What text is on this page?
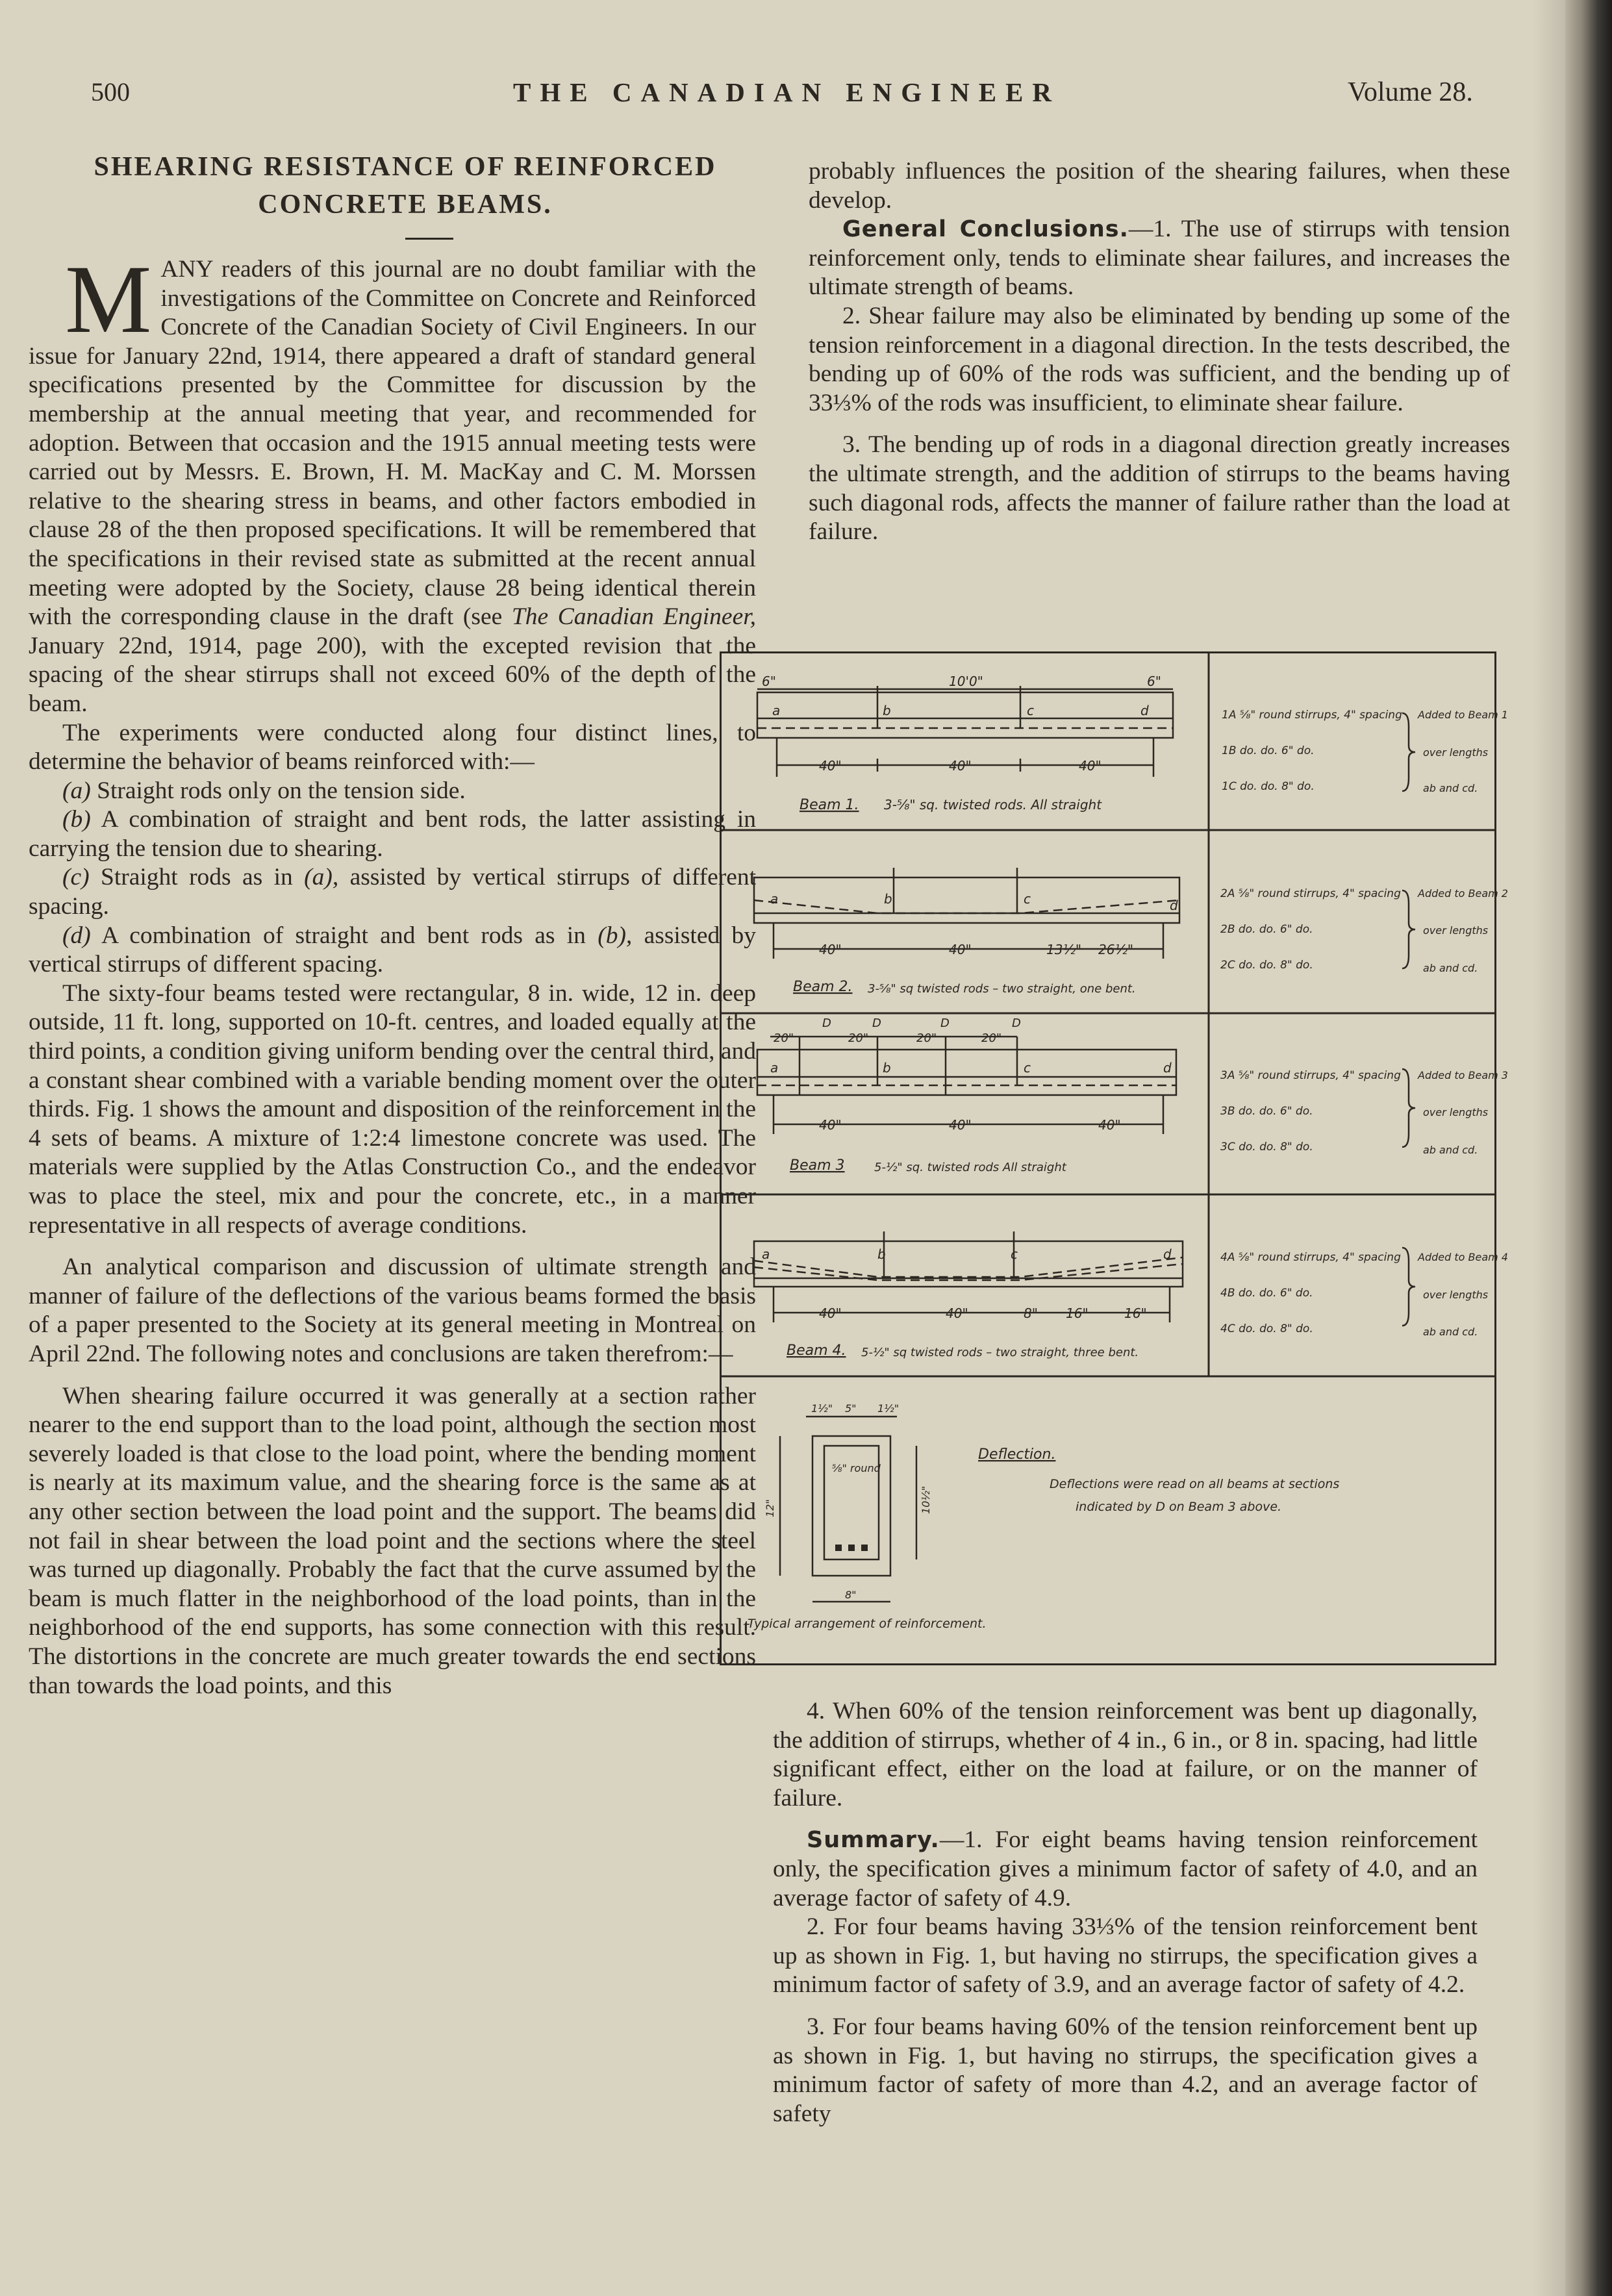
500	THE CANADIAN ENGINEER	Volume 28.
SHEARING RESISTANCE OF REINFORCED
CONCRETE BEAMS.

MANY readers of this journal are no doubt familiar with the investigations of the Committee on Concrete and Reinforced Concrete of the Canadian Society of Civil Engineers. In our issue for January 22nd, 1914, there appeared a draft of standard general specifications presented by the Committee for discussion by the membership at the annual meeting that year, and recommended for adoption. Between that occasion and the 1915 annual meeting tests were carried out by Messrs. E. Brown, H. M. MacKay and C. M. Morssen relative to the shearing stress in beams, and other factors embodied in clause 28 of the then proposed specifications. It will be remembered that the specifications in their revised state as submitted at the recent annual meeting were adopted by the Society, clause 28 being identical therein with the corresponding clause in the draft (see The Canadian Engineer, January 22nd, 1914, page 200), with the excepted revision that the spacing of the shear stirrups shall not exceed 60% of the depth of the beam.

The experiments were conducted along four distinct lines, to determine the behavior of beams reinforced with:—

(a) Straight rods only on the tension side.

(b) A combination of straight and bent rods, the latter assisting in carrying the tension due to shearing.

(c) Straight rods as in (a), assisted by vertical stirrups of different spacing.

(d) A combination of straight and bent rods as in (b), assisted by vertical stirrups of different spacing.

The sixty-four beams tested were rectangular, 8 in. wide, 12 in. deep outside, 11 ft. long, supported on 10-ft. centres, and loaded equally at the third points, a condition giving uniform bending over the central third, and a constant shear combined with a variable bending moment over the outer thirds. Fig. 1 shows the amount and disposition of the reinforcement in the 4 sets of beams. A mixture of 1:2:4 limestone concrete was used. The materials were supplied by the Atlas Construction Co., and the endeavor was to place the steel, mix and pour the concrete, etc., in a manner representative in all respects of average conditions.

An analytical comparison and discussion of ultimate strength and manner of failure of the deflections of the various beams formed the basis of a paper presented to the Society at its general meeting in Montreal on April 22nd. The following notes and conclusions are taken therefrom:—

When shearing failure occurred it was generally at a section rather nearer to the end support than to the load point, although the section most severely loaded is that close to the load point, where the bending moment is nearly at its maximum value, and the shearing force is the same as at any other section between the load point and the support. The beams did not fail in shear between the load point and the sections where the steel was turned up diagonally. Probably the fact that the curve assumed by the beam is much flatter in the neighborhood of the load points, than in the neighborhood of the end supports, has some connection with this result. The distortions in the concrete are much greater towards the end sections than towards the load points, and this

probably influences the position of the shearing failures, when these develop.

General Conclusions.—1. The use of stirrups with tension reinforcement only, tends to eliminate shear failures, and increases the ultimate strength of beams.

2. Shear failure may also be eliminated by bending up some of the tension reinforcement in a diagonal direction. In the tests described, the bending up of 60% of the rods was sufficient, and the bending up of 33⅓% of the rods was insufficient, to eliminate shear failure.

3. The bending up of rods in a diagonal direction greatly increases the ultimate strength, and the addition of stirrups to the beams having such diagonal rods, affects the manner of failure rather than the load at failure.

6"	10'0"	6"
a	b	c	d
40"	40"	40"
Beam 1. 3-⅝" sq. twisted rods. All straight
1A ⅝" round stirrups, 4" spacing
1B do. do. 6" do.
1C do. do. 8" do.
Added to Beam 1
over lengths
ab and cd.
a	b	c	d
40"	40"	13½" 26½"
Beam 2. 3-⅝" sq twisted rods – two straight, one bent.
2A ⅝" round stirrups, 4" spacing
2B do. do. 6" do.
2C do. do. 8" do.
Added to Beam 2
over lengths
ab and cd.
D	D	D	D
20"	20"	20"	20"
a	b	c	d
40"	40"	40"
Beam 3	5-½" sq. twisted rods All straight
3A ⅝" round stirrups, 4" spacing
3B do. do. 6" do.
3C do. do. 8" do.
Added to Beam 3
over lengths
ab and cd.
a	b	c	d
40"	40"	8" 16"	16"
Beam 4. 5-½" sq twisted rods – two straight, three bent.
4A ⅝" round stirrups, 4" spacing
4B do. do. 6" do.
4C do. do. 8" do.
Added to Beam 4
over lengths
ab and cd.
1½" 5" 1½"
12"	10½"
8"
⅝" round
Typical arrangement of reinforcement.
Deflection.
Deflections were read on all beams at sections
indicated by D on Beam 3 above.

4. When 60% of the tension reinforcement was bent up diagonally, the addition of stirrups, whether of 4 in., 6 in., or 8 in. spacing, had little significant effect, either on the load at failure, or on the manner of failure.

Summary.—1. For eight beams having tension reinforcement only, the specification gives a minimum factor of safety of 4.0, and an average factor of safety of 4.9.

2. For four beams having 33⅓% of the tension reinforcement bent up as shown in Fig. 1, but having no stirrups, the specification gives a minimum factor of safety of 3.9, and an average factor of safety of 4.2.

3. For four beams having 60% of the tension reinforcement bent up as shown in Fig. 1, but having no stirrups, the specification gives a minimum factor of safety of more than 4.2, and an average factor of safety
